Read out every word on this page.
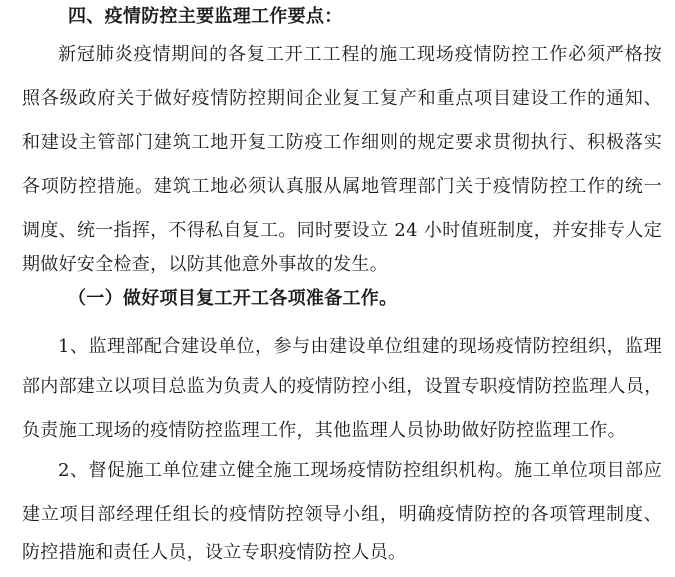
四、疫情防控主要监理工作要点：
新冠肺炎疫情期间的各复工开工工程的施工现场疫情防控工作必须严格按
照各级政府关于做好疫情防控期间企业复工复产和重点项目建设工作的通知、
和建设主管部门建筑工地开复工防疫工作细则的规定要求贯彻执行、积极落实
各项防控措施。建筑工地必须认真服从属地管理部门关于疫情防控工作的统一
调度、统一指挥，不得私自复工。同时要设立 24 小时值班制度，并安排专人定
期做好安全检查，以防其他意外事故的发生。
（一）做好项目复工开工各项准备工作。
1、监理部配合建设单位，参与由建设单位组建的现场疫情防控组织，监理
部内部建立以项目总监为负责人的疫情防控小组，设置专职疫情防控监理人员，
负责施工现场的疫情防控监理工作，其他监理人员协助做好防控监理工作。
2、督促施工单位建立健全施工现场疫情防控组织机构。施工单位项目部应
建立项目部经理任组长的疫情防控领导小组，明确疫情防控的各项管理制度、
防控措施和责任人员，设立专职疫情防控人员。
